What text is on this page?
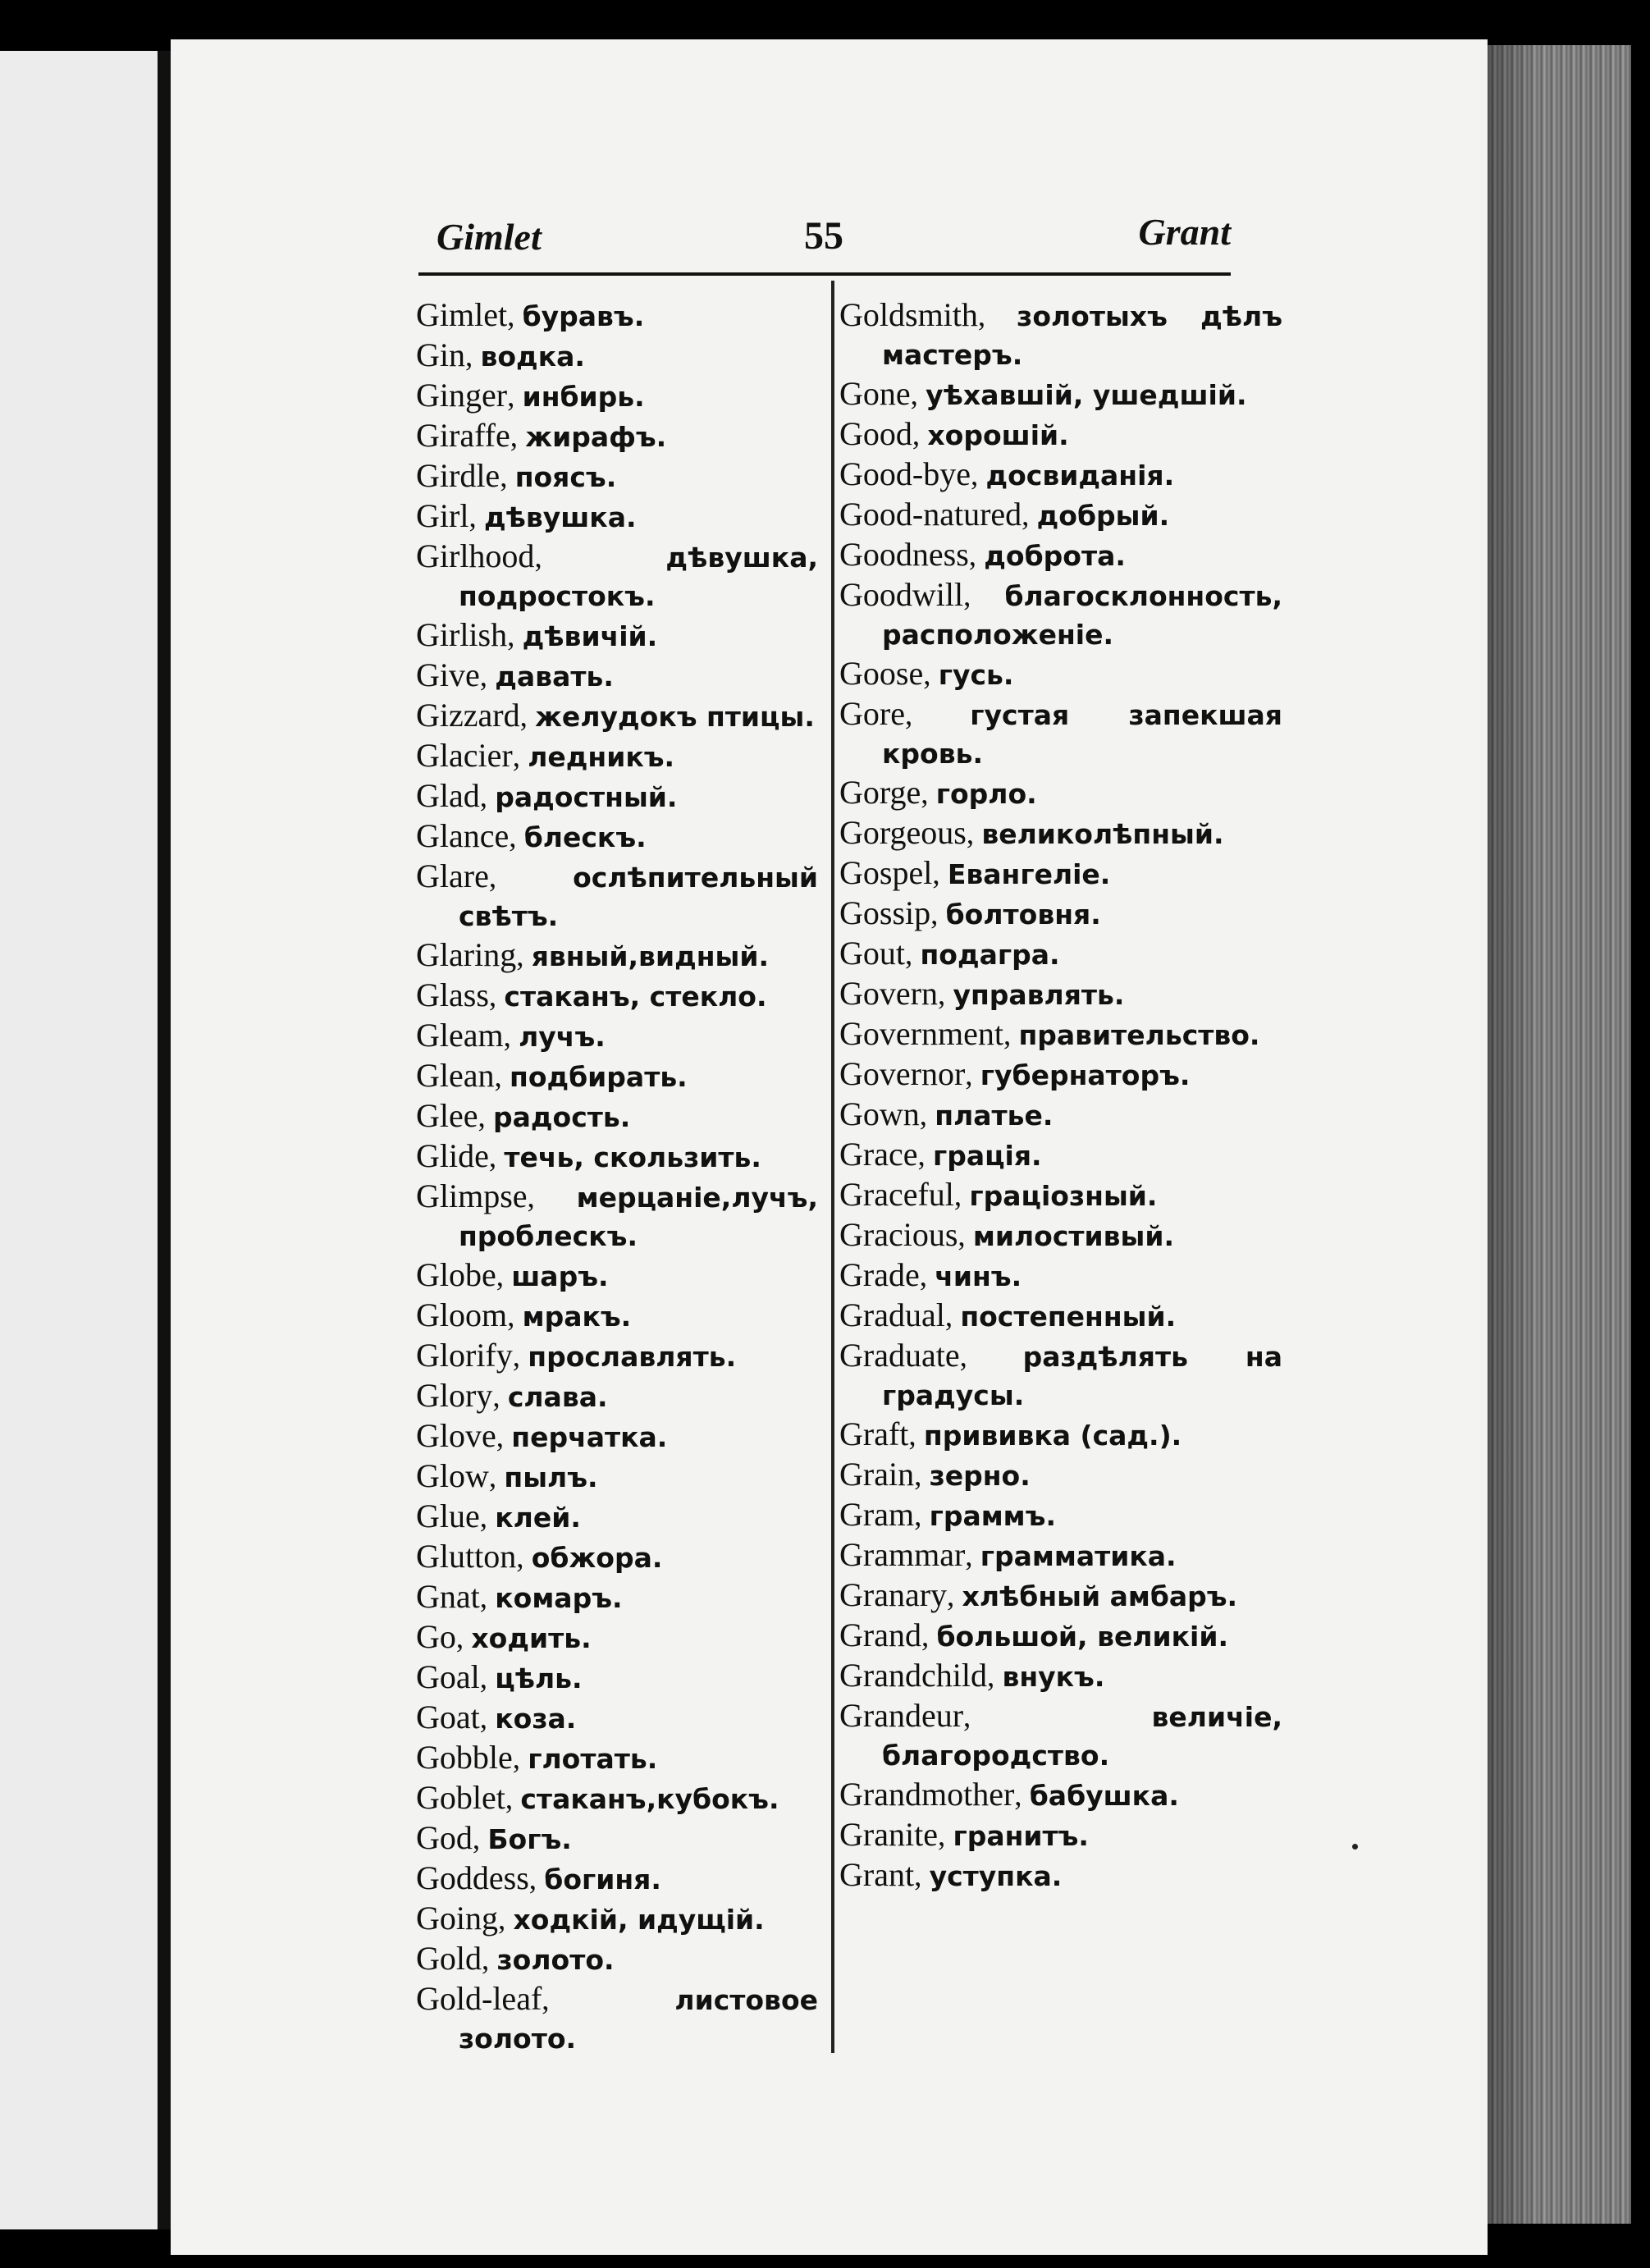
Gimlet	55	Grant
Gimlet, буравъ.
Gin, водка.
Ginger, инбирь.
Giraffe, жирафъ.
Girdle, поясъ.
Girl, дѣвушка.
Girlhood, дѣвушка, подростокъ.
Girlish, дѣвичій.
Give, давать.
Gizzard, желудокъ птицы.
Glacier, ледникъ.
Glad, радостный.
Glance, блескъ.
Glare, ослѣпительный свѣтъ.
Glaring, явный,видный.
Glass, стаканъ, стекло.
Gleam, лучъ.
Glean, подбирать.
Glee, радость.
Glide, течь, скользить.
Glimpse, мерцаніе,лучъ, проблескъ.
Globe, шаръ.
Gloom, мракъ.
Glorify, прославлять.
Glory, слава.
Glove, перчатка.
Glow, пылъ.
Glue, клей.
Glutton, обжора.
Gnat, комаръ.
Go, ходить.
Goal, цѣль.
Goat, коза.
Gobble, глотать.
Goblet, стаканъ,кубокъ.
God, Богъ.
Goddess, богиня.
Going, ходкій, идущій.
Gold, золото.
Gold-leaf, листовое золото.
Goldsmith, золотыхъ дѣлъ мастеръ.
Gone, уѣхавшій, ушедшій.
Good, хорошій.
Good-bye, досвиданія.
Good-natured, добрый.
Goodness, доброта.
Goodwill, благосклонность, расположеніе.
Goose, гусь.
Gore, густая запекшая кровь.
Gorge, горло.
Gorgeous, великолѣпный.
Gospel, Евангеліе.
Gossip, болтовня.
Gout, подагра.
Govern, управлять.
Government, правительство.
Governor, губернаторъ.
Gown, платье.
Grace, грація.
Graceful, граціозный.
Gracious, милостивый.
Grade, чинъ.
Gradual, постепенный.
Graduate, раздѣлять на градусы.
Graft, прививка (сад.).
Grain, зерно.
Gram, граммъ.
Grammar, грамматика.
Granary, хлѣбный амбаръ.
Grand, большой, великій.
Grandchild, внукъ.
Grandeur, величіе, благородство.
Grandmother, бабушка.
Granite, гранитъ.
Grant, уступка.
